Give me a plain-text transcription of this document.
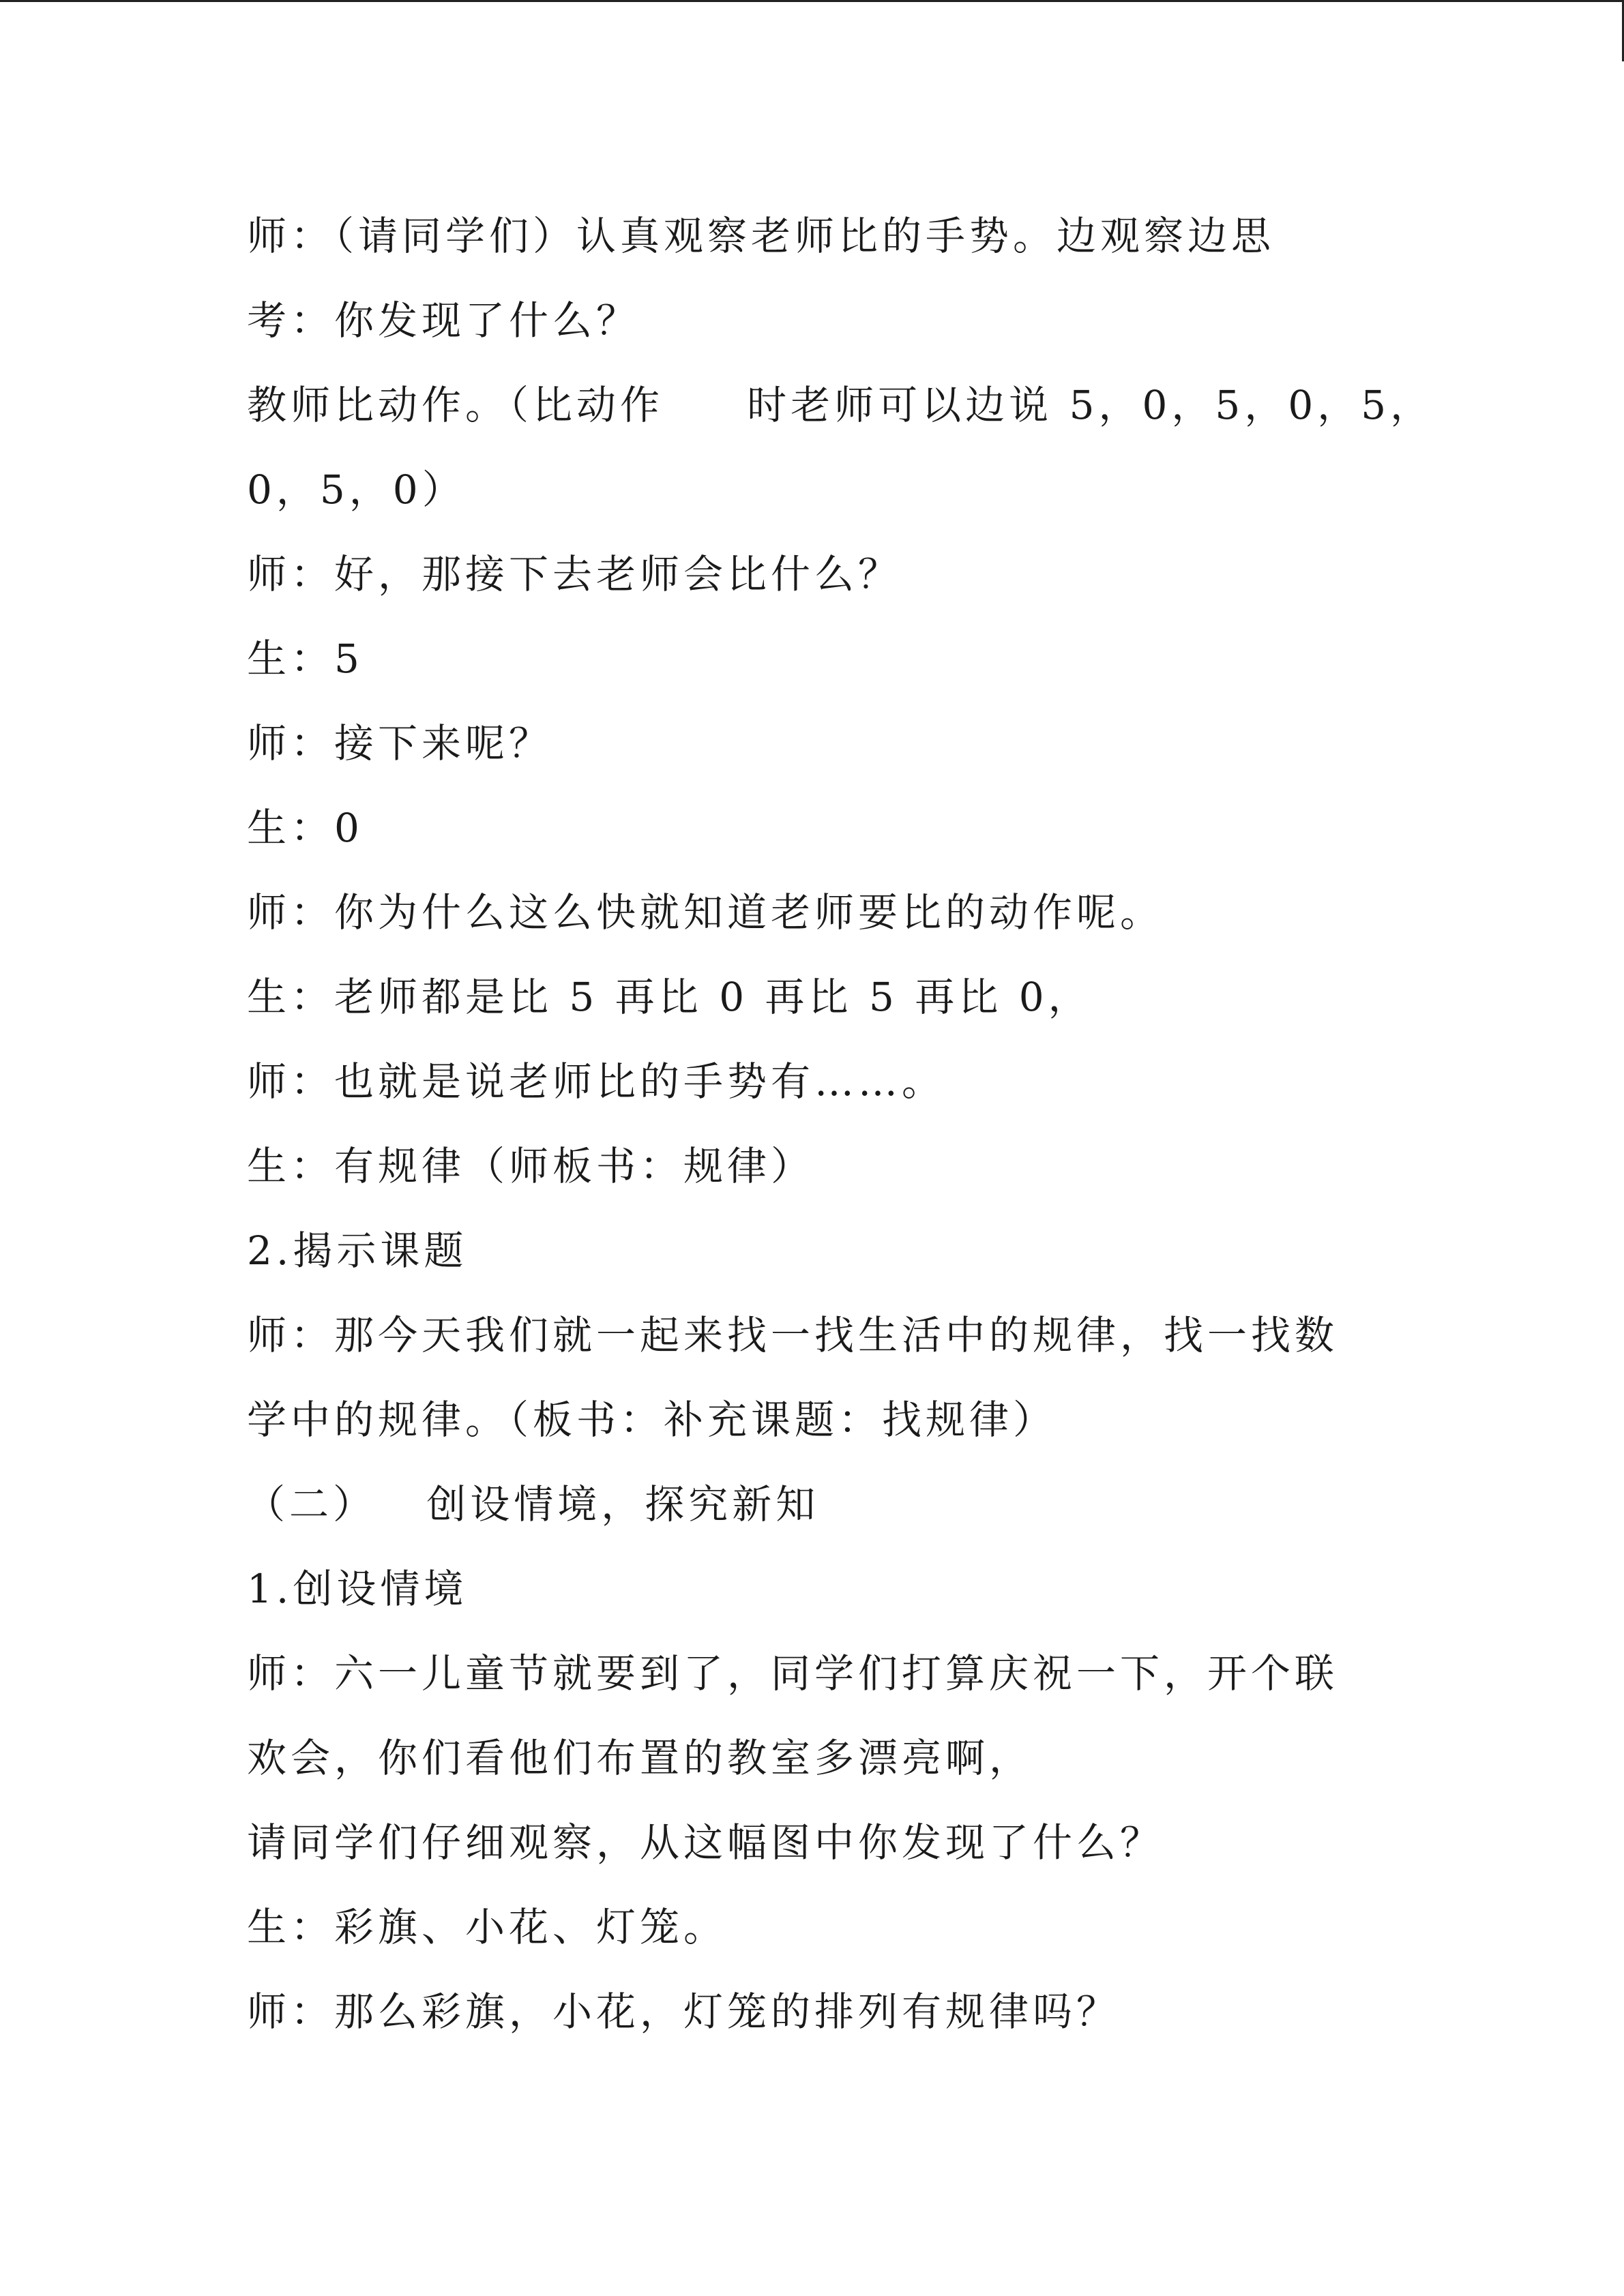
师：（请同学们）认真观察老师比的手势。边观察边思
考：你发现了什么？
教师比动作。（比动作     时老师可以边说 5，0，5，0，5，
0，5，0）
师：好，那接下去老师会比什么？
生：5
师：接下来呢？
生：0
师：你为什么这么快就知道老师要比的动作呢。
生：老师都是比 5 再比 0 再比 5 再比 0，
师：也就是说老师比的手势有……。
生：有规律（师板书：规律）
2.揭示课题
师：那今天我们就一起来找一找生活中的规律，找一找数
学中的规律。（板书：补充课题：找规律）
（二）   创设情境，探究新知
1.创设情境
师：六一儿童节就要到了，同学们打算庆祝一下，开个联
欢会，你们看他们布置的教室多漂亮啊，
请同学们仔细观察，从这幅图中你发现了什么？
生：彩旗、小花、灯笼。
师：那么彩旗，小花，灯笼的排列有规律吗？
